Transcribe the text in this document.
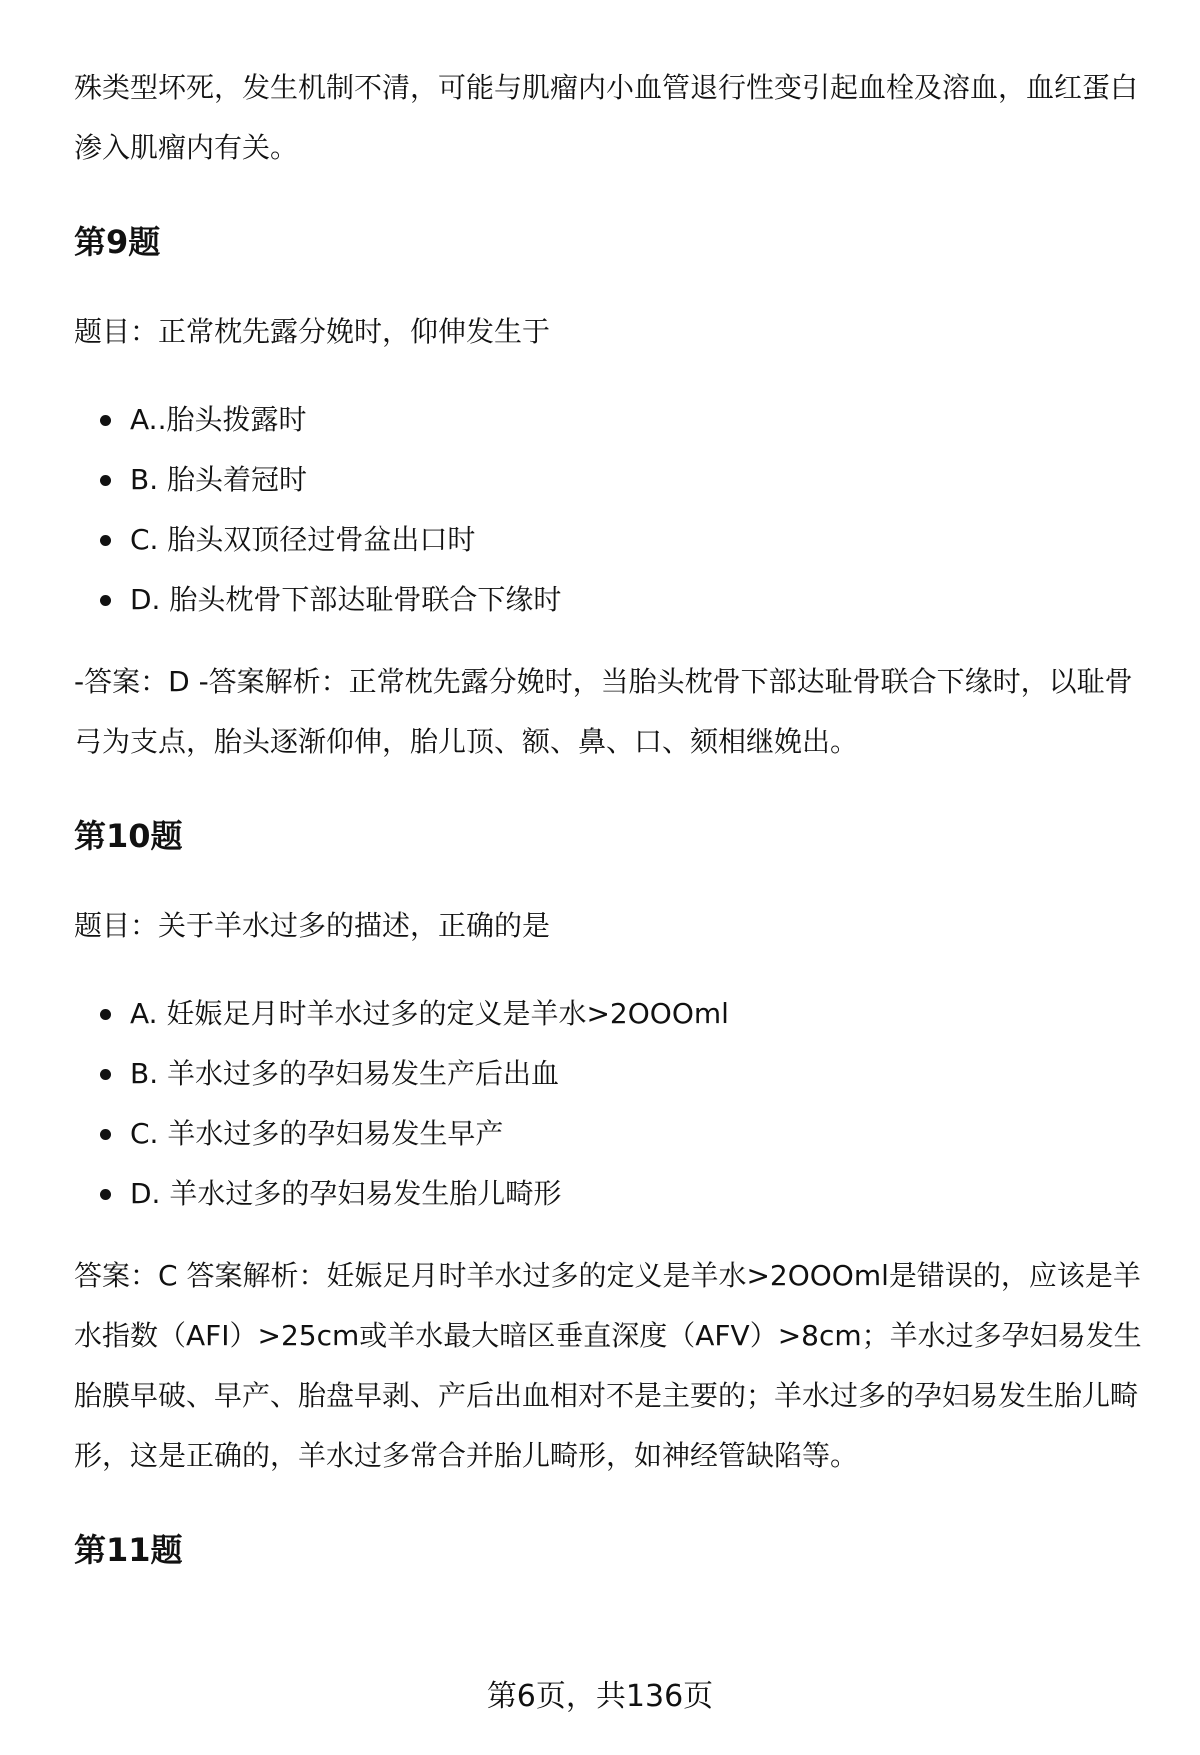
殊类型坏死，发生机制不清，可能与肌瘤内小血管退行性变引起血栓及溶血，血红蛋白渗入肌瘤内有关。

第9题

题目：正常枕先露分娩时，仰伸发生于

A..胎头拨露时
B. 胎头着冠时
C. 胎头双顶径过骨盆出口时
D. 胎头枕骨下部达耻骨联合下缘时

-答案：D -答案解析：正常枕先露分娩时，当胎头枕骨下部达耻骨联合下缘时，以耻骨弓为支点，胎头逐渐仰伸，胎儿顶、额、鼻、口、颏相继娩出。

第10题

题目：关于羊水过多的描述，正确的是

A. 妊娠足月时羊水过多的定义是羊水>2OOOml
B. 羊水过多的孕妇易发生产后出血
C. 羊水过多的孕妇易发生早产
D. 羊水过多的孕妇易发生胎儿畸形

答案：C 答案解析：妊娠足月时羊水过多的定义是羊水>2OOOml是错误的，应该是羊水指数（AFI）>25cm或羊水最大暗区垂直深度（AFV）>8cm；羊水过多孕妇易发生胎膜早破、早产、胎盘早剥、产后出血相对不是主要的；羊水过多的孕妇易发生胎儿畸形，这是正确的，羊水过多常合并胎儿畸形，如神经管缺陷等。

第11题
第6页，共136页
